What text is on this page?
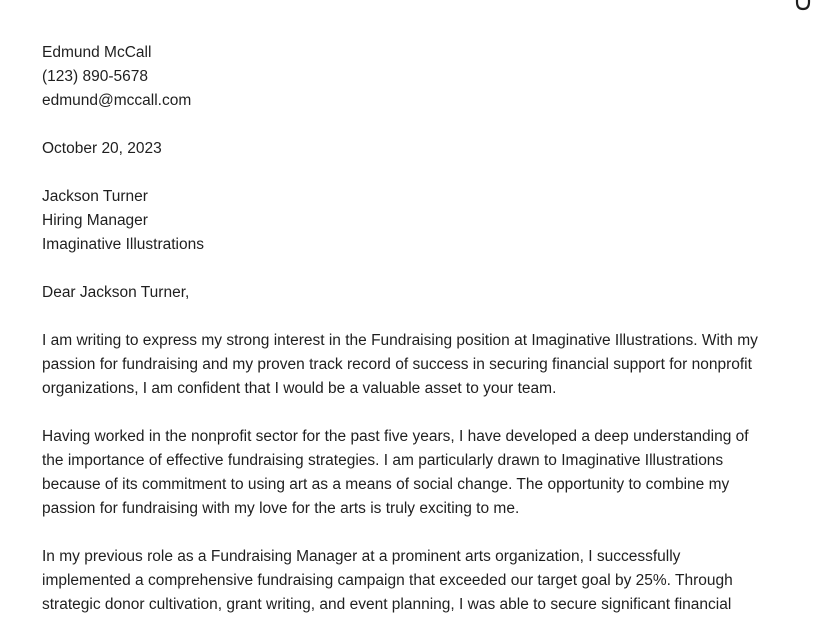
Edmund McCall
(123) 890-5678
edmund@mccall.com
October 20, 2023
Jackson Turner
Hiring Manager
Imaginative Illustrations
Dear Jackson Turner,

I am writing to express my strong interest in the Fundraising position at Imaginative Illustrations. With my
passion for fundraising and my proven track record of success in securing financial support for nonprofit
organizations, I am confident that I would be a valuable asset to your team.

Having worked in the nonprofit sector for the past five years, I have developed a deep understanding of
the importance of effective fundraising strategies. I am particularly drawn to Imaginative Illustrations
because of its commitment to using art as a means of social change. The opportunity to combine my
passion for fundraising with my love for the arts is truly exciting to me.

In my previous role as a Fundraising Manager at a prominent arts organization, I successfully
implemented a comprehensive fundraising campaign that exceeded our target goal by 25%. Through
strategic donor cultivation, grant writing, and event planning, I was able to secure significant financial
